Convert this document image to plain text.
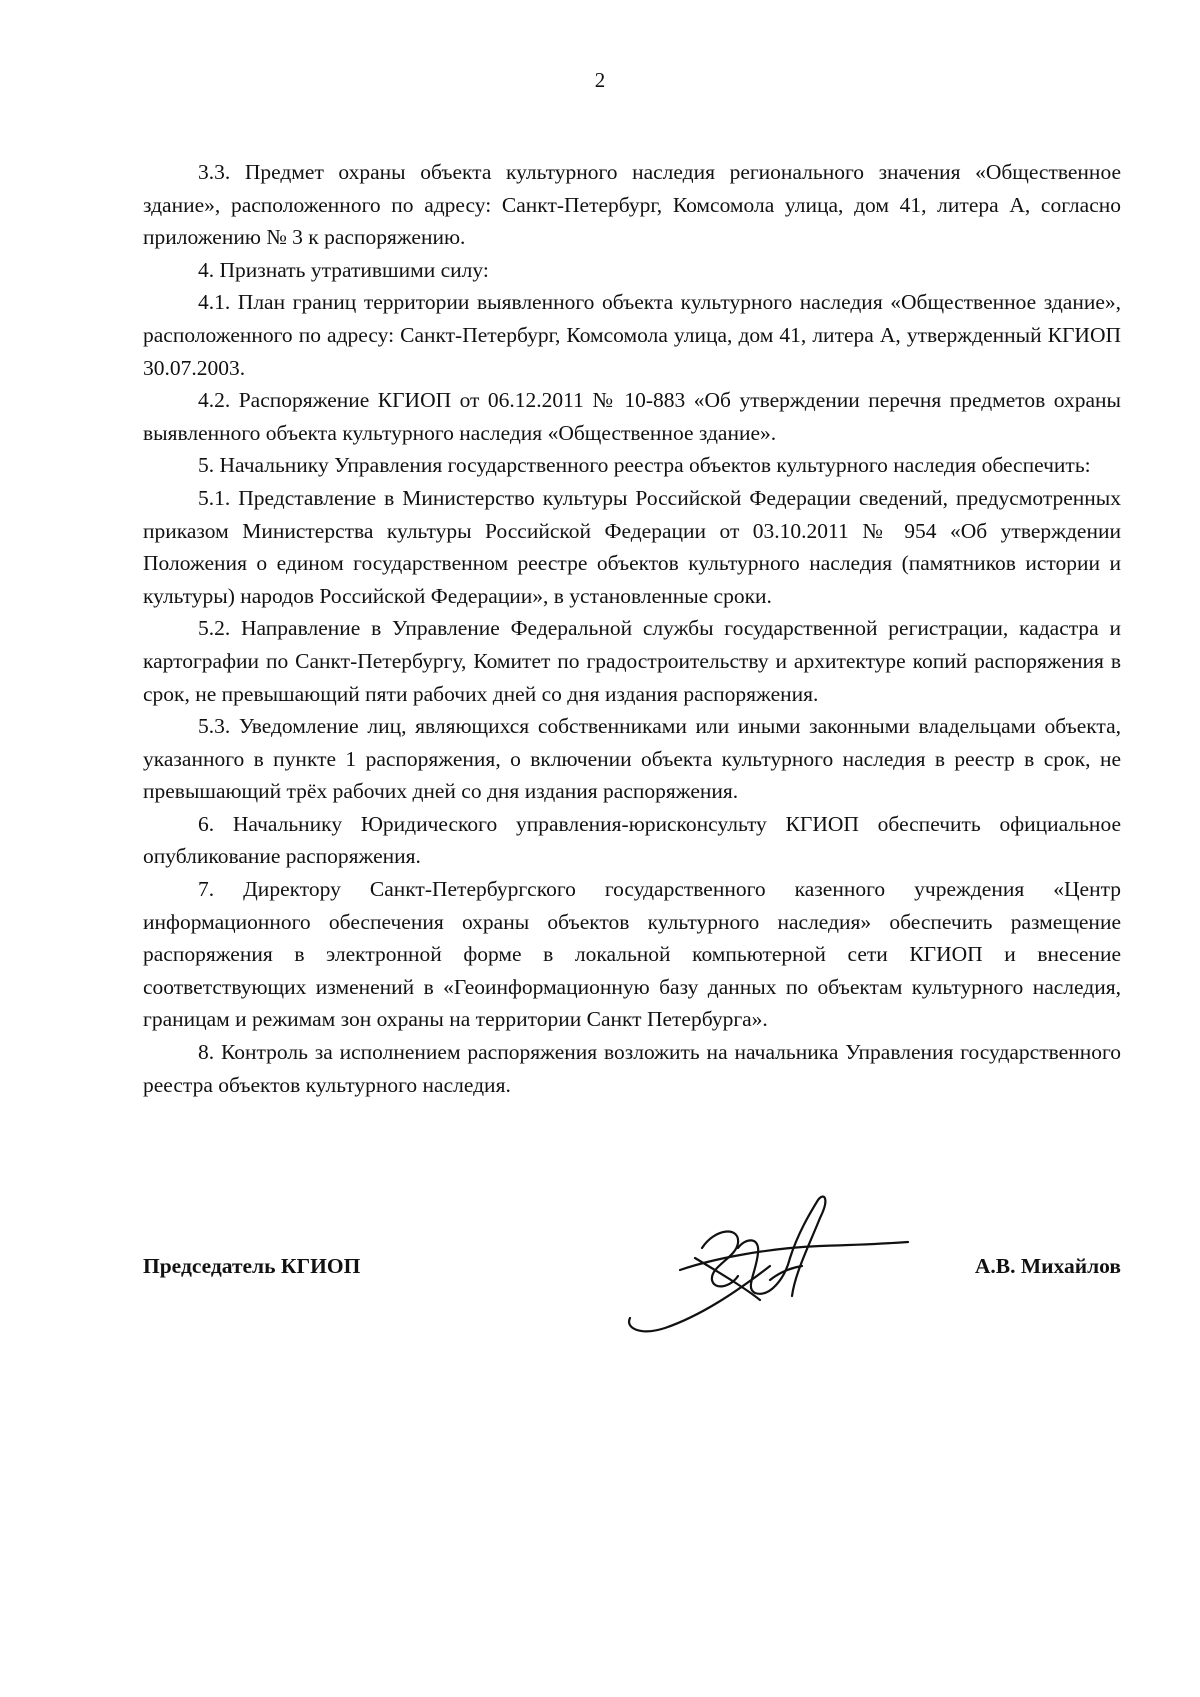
2

3.3. Предмет охраны объекта культурного наследия регионального значения «Общественное здание», расположенного по адресу: Санкт-Петербург, Комсомола улица, дом 41, литера А, согласно приложению № 3 к распоряжению.

4. Признать утратившими силу:

4.1. План границ территории выявленного объекта культурного наследия «Общественное здание», расположенного по адресу: Санкт-Петербург, Комсомола улица, дом 41, литера А, утвержденный КГИОП 30.07.2003.

4.2. Распоряжение КГИОП от 06.12.2011 № 10-883 «Об утверждении перечня предметов охраны выявленного объекта культурного наследия «Общественное здание».

5. Начальнику Управления государственного реестра объектов культурного наследия обеспечить:

5.1. Представление в Министерство культуры Российской Федерации сведений, предусмотренных приказом Министерства культуры Российской Федерации от 03.10.2011 № 954 «Об утверждении Положения о едином государственном реестре объектов культурного наследия (памятников истории и культуры) народов Российской Федерации», в установленные сроки.

5.2. Направление в Управление Федеральной службы государственной регистрации, кадастра и картографии по Санкт-Петербургу, Комитет по градостроительству и архитектуре копий распоряжения в срок, не превышающий пяти рабочих дней со дня издания распоряжения.

5.3. Уведомление лиц, являющихся собственниками или иными законными владельцами объекта, указанного в пункте 1 распоряжения, о включении объекта культурного наследия в реестр в срок, не превышающий трёх рабочих дней со дня издания распоряжения.

6. Начальнику Юридического управления-юрисконсульту КГИОП обеспечить официальное опубликование распоряжения.

7. Директору Санкт-Петербургского государственного казенного учреждения «Центр информационного обеспечения охраны объектов культурного наследия» обеспечить размещение распоряжения в электронной форме в локальной компьютерной сети КГИОП и внесение соответствующих изменений в «Геоинформационную базу данных по объектам культурного наследия, границам и режимам зон охраны на территории Санкт Петербурга».

8. Контроль за исполнением распоряжения возложить на начальника Управления государственного реестра объектов культурного наследия.

Председатель КГИОП	А.В. Михайлов
